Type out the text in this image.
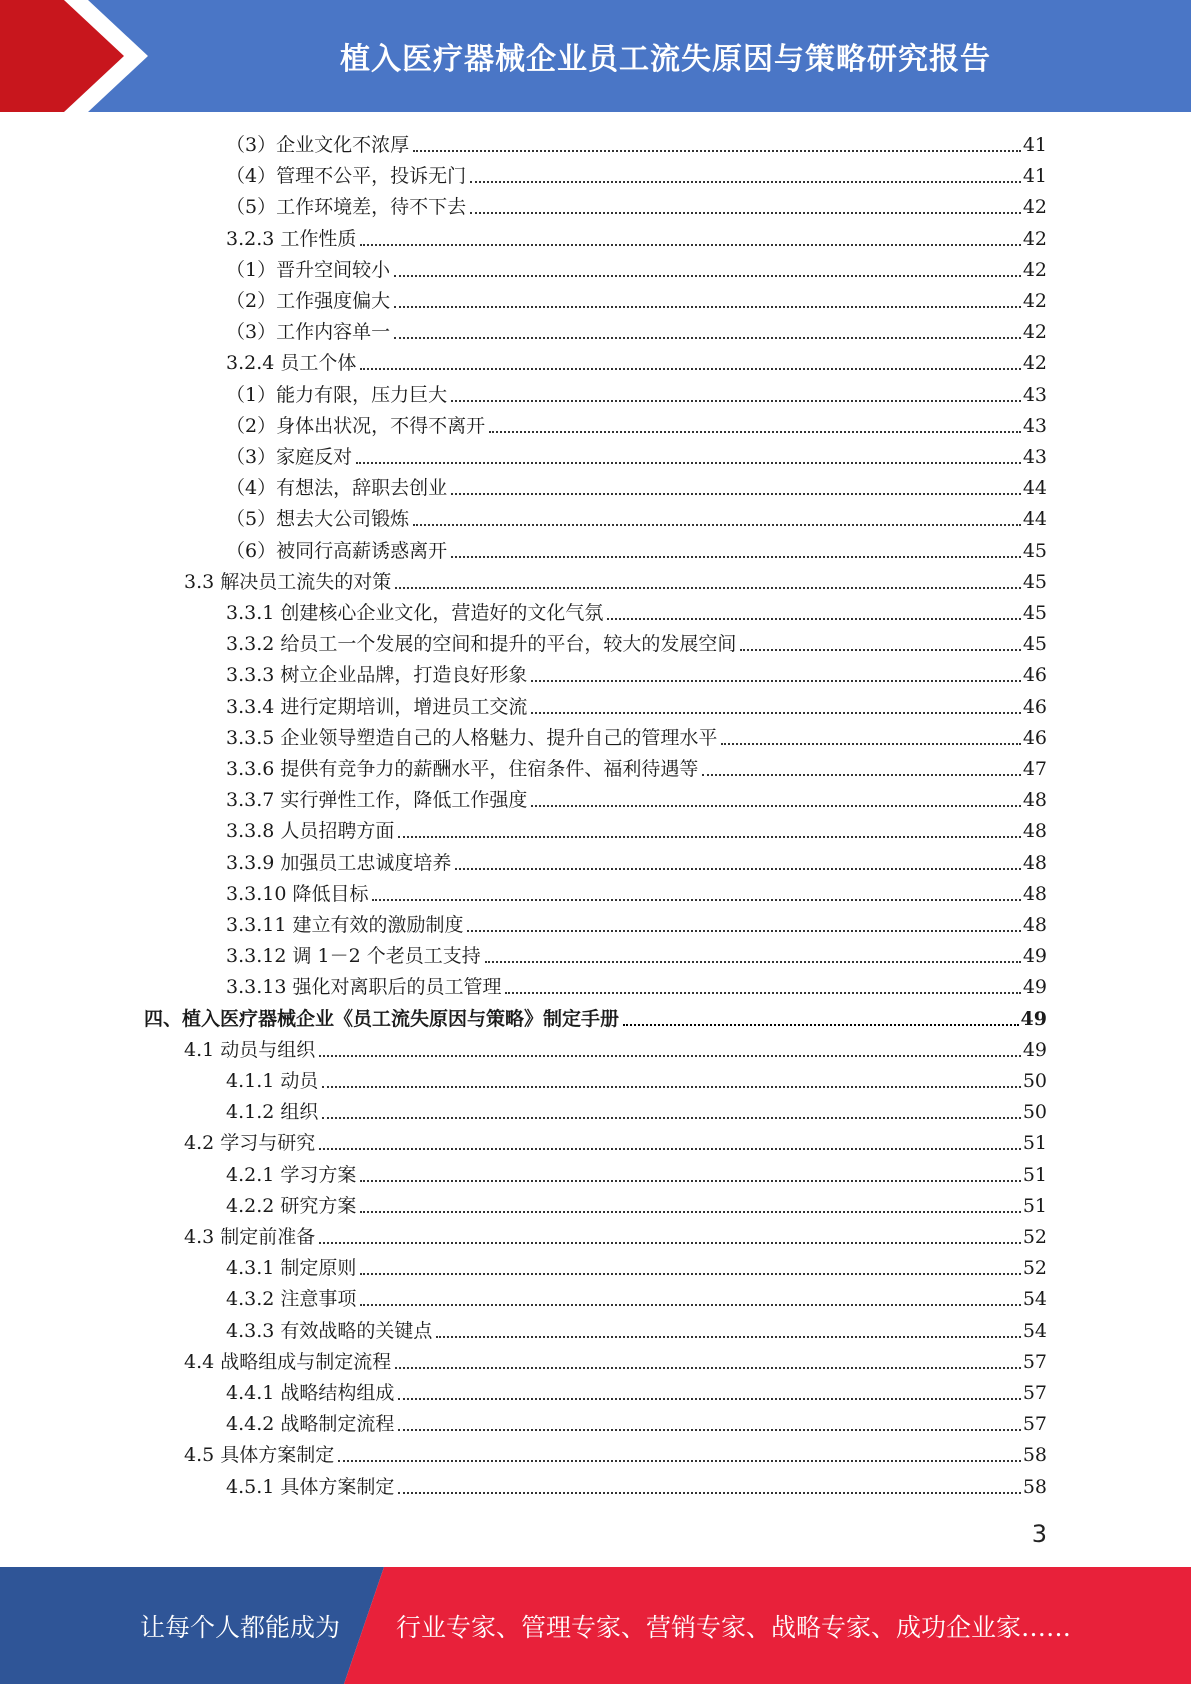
植入医疗器械企业员工流失原因与策略研究报告
（3）企业文化不浓厚	41
（4）管理不公平，投诉无门	41
（5）工作环境差，待不下去	42
3.2.3 工作性质	42
（1）晋升空间较小	42
（2）工作强度偏大	42
（3）工作内容单一	42
3.2.4 员工个体	42
（1）能力有限，压力巨大	43
（2）身体出状况，不得不离开	43
（3）家庭反对	43
（4）有想法，辞职去创业	44
（5）想去大公司锻炼	44
（6）被同行高薪诱惑离开	45
3.3 解决员工流失的对策	45
3.3.1 创建核心企业文化，营造好的文化气氛	45
3.3.2 给员工一个发展的空间和提升的平台，较大的发展空间	45
3.3.3 树立企业品牌，打造良好形象	46
3.3.4 进行定期培训，增进员工交流	46
3.3.5 企业领导塑造自己的人格魅力、提升自己的管理水平	46
3.3.6 提供有竞争力的薪酬水平，住宿条件、福利待遇等	47
3.3.7 实行弹性工作，降低工作强度	48
3.3.8 人员招聘方面	48
3.3.9 加强员工忠诚度培养	48
3.3.10 降低目标	48
3.3.11 建立有效的激励制度	48
3.3.12 调 1－2 个老员工支持	49
3.3.13 强化对离职后的员工管理	49
四、植入医疗器械企业《员工流失原因与策略》制定手册	49
4.1 动员与组织	49
4.1.1 动员	50
4.1.2 组织	50
4.2 学习与研究	51
4.2.1 学习方案	51
4.2.2 研究方案	51
4.3 制定前准备	52
4.3.1 制定原则	52
4.3.2 注意事项	54
4.3.3 有效战略的关键点	54
4.4 战略组成与制定流程	57
4.4.1 战略结构组成	57
4.4.2 战略制定流程	57
4.5 具体方案制定	58
4.5.1 具体方案制定	58
3
让每个人都能成为 行业专家、管理专家、营销专家、战略专家、成功企业家……
